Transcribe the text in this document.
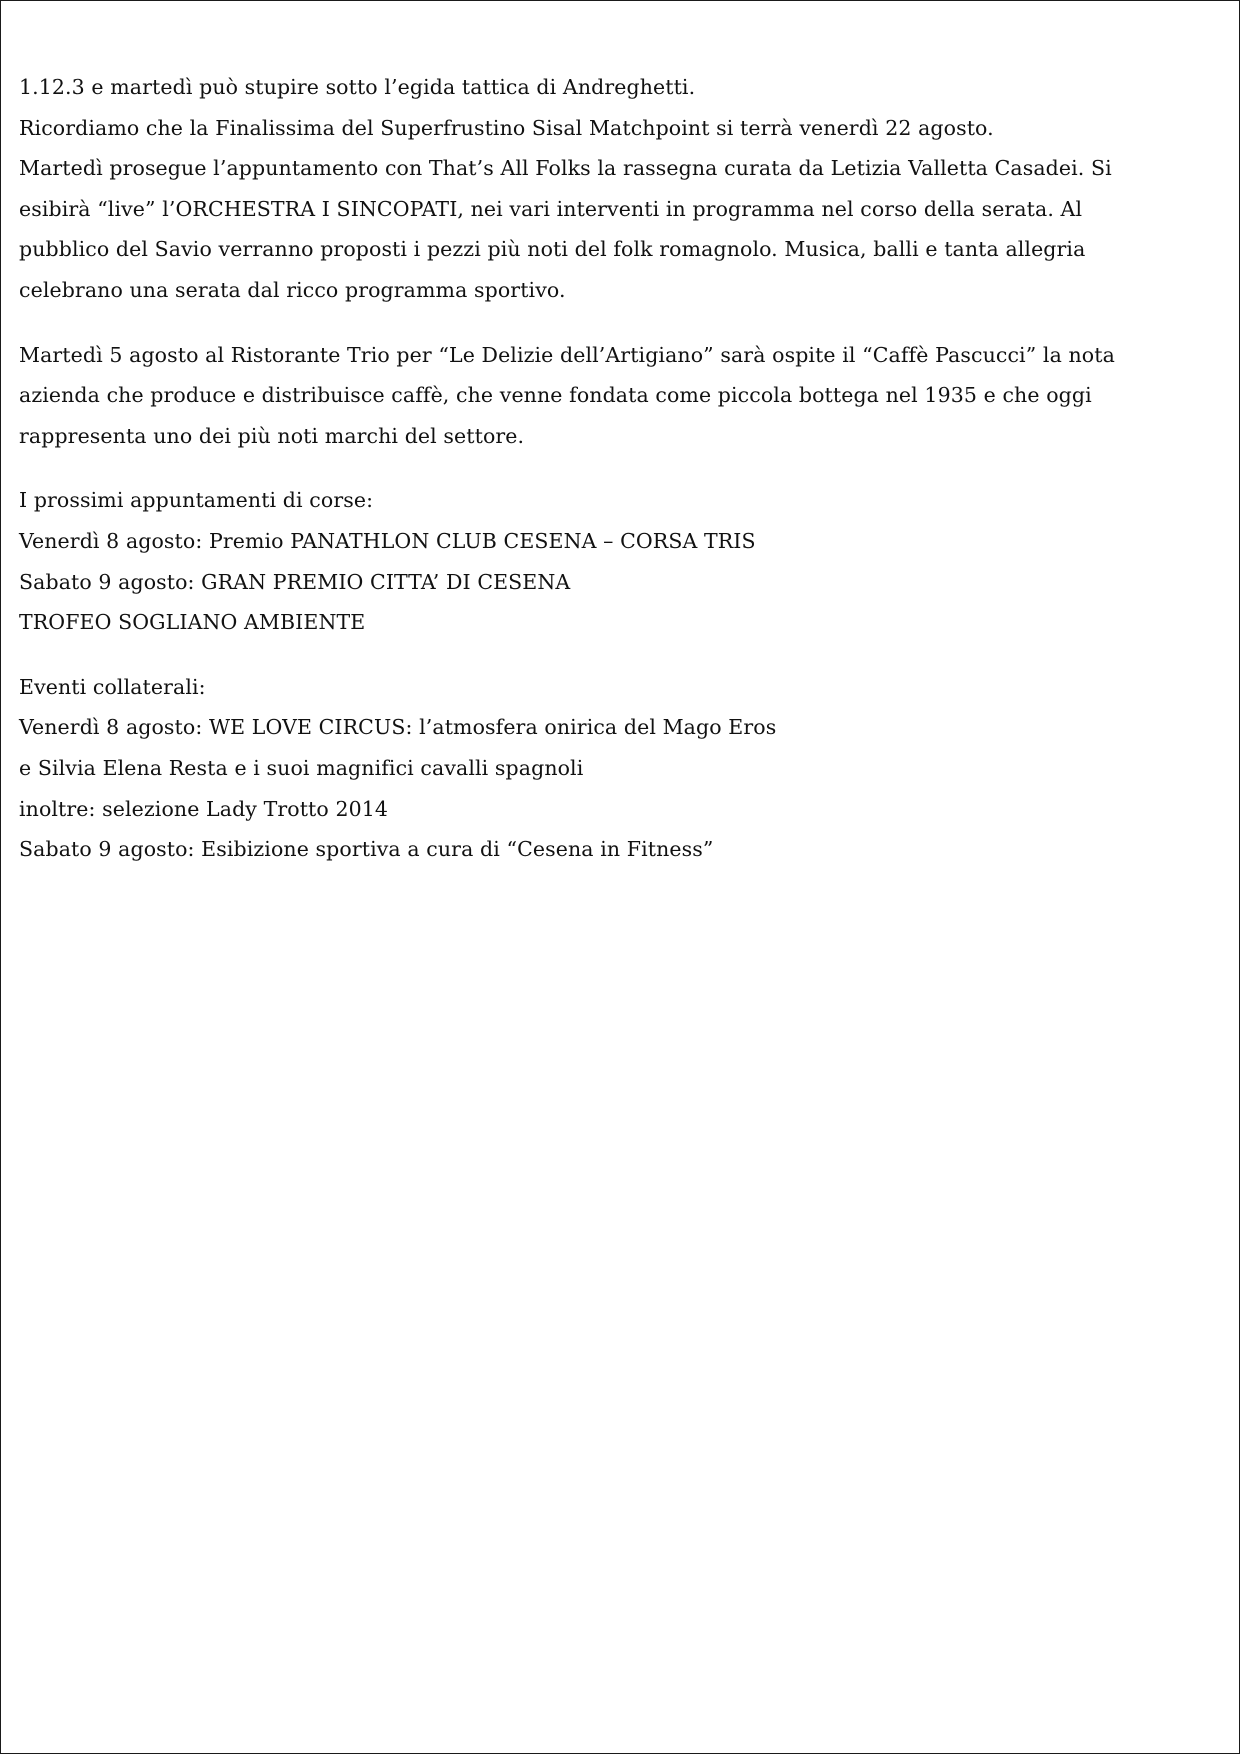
1.12.3 e martedì può stupire sotto l’egida tattica di Andreghetti.
Ricordiamo che la Finalissima del Superfrustino Sisal Matchpoint si terrà venerdì 22 agosto.
Martedì prosegue l’appuntamento con That’s All Folks la rassegna curata da Letizia Valletta Casadei. Si
esibirà “live” l’ORCHESTRA I SINCOPATI, nei vari interventi in programma nel corso della serata. Al
pubblico del Savio verranno proposti i pezzi più noti del folk romagnolo. Musica, balli e tanta allegria
celebrano una serata dal ricco programma sportivo.
Martedì 5 agosto al Ristorante Trio per “Le Delizie dell’Artigiano” sarà ospite il “Caffè Pascucci” la nota
azienda che produce e distribuisce caffè, che venne fondata come piccola bottega nel 1935 e che oggi
rappresenta uno dei più noti marchi del settore.
I prossimi appuntamenti di corse:
Venerdì 8 agosto: Premio PANATHLON CLUB CESENA – CORSA TRIS
Sabato 9 agosto: GRAN PREMIO CITTA’ DI CESENA
TROFEO SOGLIANO AMBIENTE
Eventi collaterali:
Venerdì 8 agosto: WE LOVE CIRCUS: l’atmosfera onirica del Mago Eros
e Silvia Elena Resta e i suoi magnifici cavalli spagnoli
inoltre: selezione Lady Trotto 2014
Sabato 9 agosto: Esibizione sportiva a cura di “Cesena in Fitness”
